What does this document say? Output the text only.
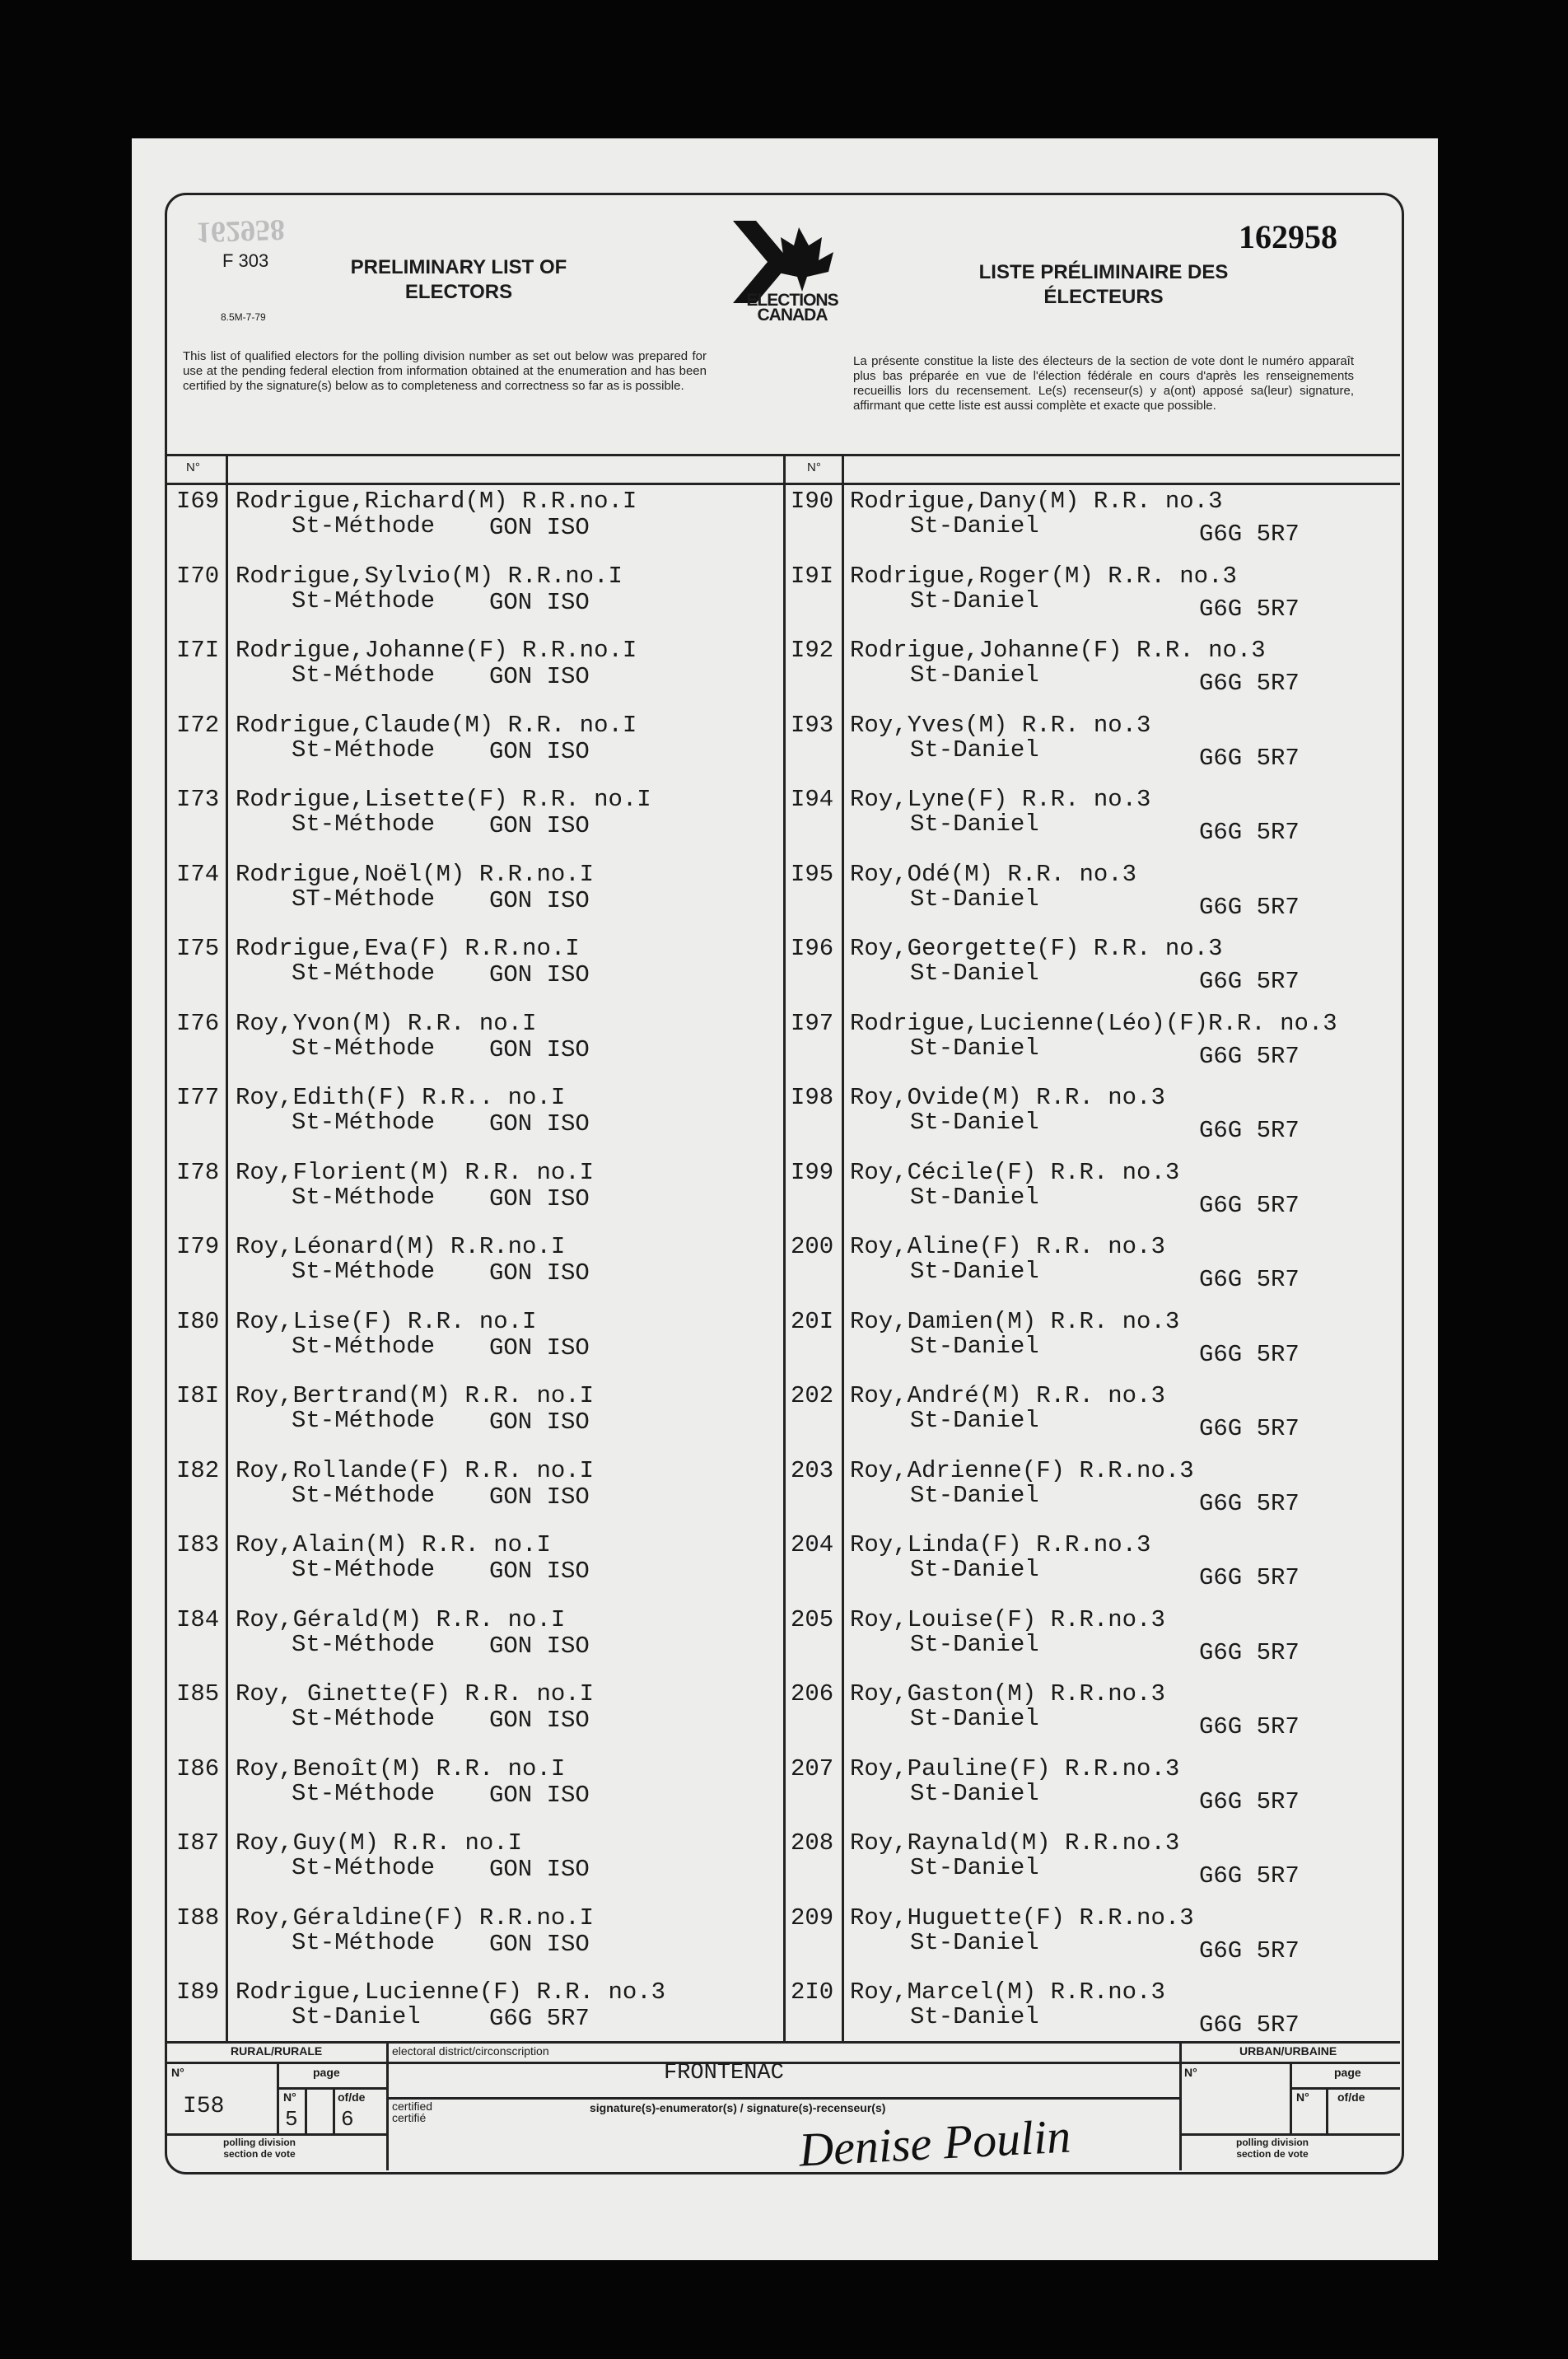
162958	162958
F 303
8.5M-7-79
PRELIMINARY LIST OF ELECTORS
LISTE PRÉLIMINAIRE DES ÉLECTEURS
ELECTIONS CANADA
This list of qualified electors for the polling division number as set out below was prepared for use at the pending federal election from information obtained at the enumeration and has been certified by the signature(s) below as to completeness and correctness so far as is possible.
La présente constitue la liste des électeurs de la section de vote dont le numéro apparaît plus bas préparée en vue de l'élection fédérale en cours d'après les renseignements recueillis lors du recensement. Le(s) recenseur(s) y a(ont) apposé sa(leur) signature, affirmant que cette liste est aussi complète et exacte que possible.
N°	N°
I69 Rodrigue,Richard(M) R.R.no.I
St-Méthode GON ISO
I70 Rodrigue,Sylvio(M) R.R.no.I
St-Méthode GON ISO
I7I Rodrigue,Johanne(F) R.R.no.I
St-Méthode GON ISO
I72 Rodrigue,Claude(M) R.R. no.I
St-Méthode GON ISO
I73 Rodrigue,Lisette(F) R.R. no.I
St-Méthode GON ISO
I74 Rodrigue,Noël(M) R.R.no.I
ST-Méthode GON ISO
I75 Rodrigue,Eva(F) R.R.no.I
St-Méthode GON ISO
I76 Roy,Yvon(M) R.R. no.I
St-Méthode GON ISO
I77 Roy,Edith(F) R.R.. no.I
St-Méthode GON ISO
I78 Roy,Florient(M) R.R. no.I
St-Méthode GON ISO
I79 Roy,Léonard(M) R.R.no.I
St-Méthode GON ISO
I80 Roy,Lise(F) R.R. no.I
St-Méthode GON ISO
I8I Roy,Bertrand(M) R.R. no.I
St-Méthode GON ISO
I82 Roy,Rollande(F) R.R. no.I
St-Méthode GON ISO
I83 Roy,Alain(M) R.R. no.I
St-Méthode GON ISO
I84 Roy,Gérald(M) R.R. no.I
St-Méthode GON ISO
I85 Roy, Ginette(F) R.R. no.I
St-Méthode GON ISO
I86 Roy,Benoît(M) R.R. no.I
St-Méthode GON ISO
I87 Roy,Guy(M) R.R. no.I
St-Méthode GON ISO
I88 Roy,Géraldine(F) R.R.no.I
St-Méthode GON ISO
I89 Rodrigue,Lucienne(F) R.R. no.3
St-Daniel	G6G 5R7
I90 Rodrigue,Dany(M) R.R. no.3
St-Daniel	G6G 5R7
I9I Rodrigue,Roger(M) R.R. no.3
St-Daniel	G6G 5R7
I92 Rodrigue,Johanne(F) R.R. no.3
St-Daniel	G6G 5R7
I93 Roy,Yves(M) R.R. no.3
St-Daniel	G6G 5R7
I94 Roy,Lyne(F) R.R. no.3
St-Daniel	G6G 5R7
I95 Roy,Odé(M) R.R. no.3
St-Daniel	G6G 5R7
I96 Roy,Georgette(F) R.R. no.3
St-Daniel	G6G 5R7
I97 Rodrigue,Lucienne(Léo)(F)R.R. no.3
St-Daniel	G6G 5R7
I98 Roy,Ovide(M) R.R. no.3
St-Daniel	G6G 5R7
I99 Roy,Cécile(F) R.R. no.3
St-Daniel	G6G 5R7
200 Roy,Aline(F) R.R. no.3
St-Daniel	G6G 5R7
20I Roy,Damien(M) R.R. no.3
St-Daniel	G6G 5R7
202 Roy,André(M) R.R. no.3
St-Daniel	G6G 5R7
203 Roy,Adrienne(F) R.R.no.3
St-Daniel	G6G 5R7
204 Roy,Linda(F) R.R.no.3
St-Daniel	G6G 5R7
205 Roy,Louise(F) R.R.no.3
St-Daniel	G6G 5R7
206 Roy,Gaston(M) R.R.no.3
St-Daniel	G6G 5R7
207 Roy,Pauline(F) R.R.no.3
St-Daniel	G6G 5R7
208 Roy,Raynald(M) R.R.no.3
St-Daniel	G6G 5R7
209 Roy,Huguette(F) R.R.no.3
St-Daniel	G6G 5R7
2I0 Roy,Marcel(M) R.R.no.3
St-Daniel	G6G 5R7
RURAL/RURALE	URBAN/URBAINE
N°	page
N°	of/de
I58	5 6
polling division section de vote
N°	page
N° of/de
polling division section de vote
electoral district/circonscription
FRONTENAC
certified certifié
signature(s)-enumerator(s) / signature(s)-recenseur(s)
Denise Poulin
